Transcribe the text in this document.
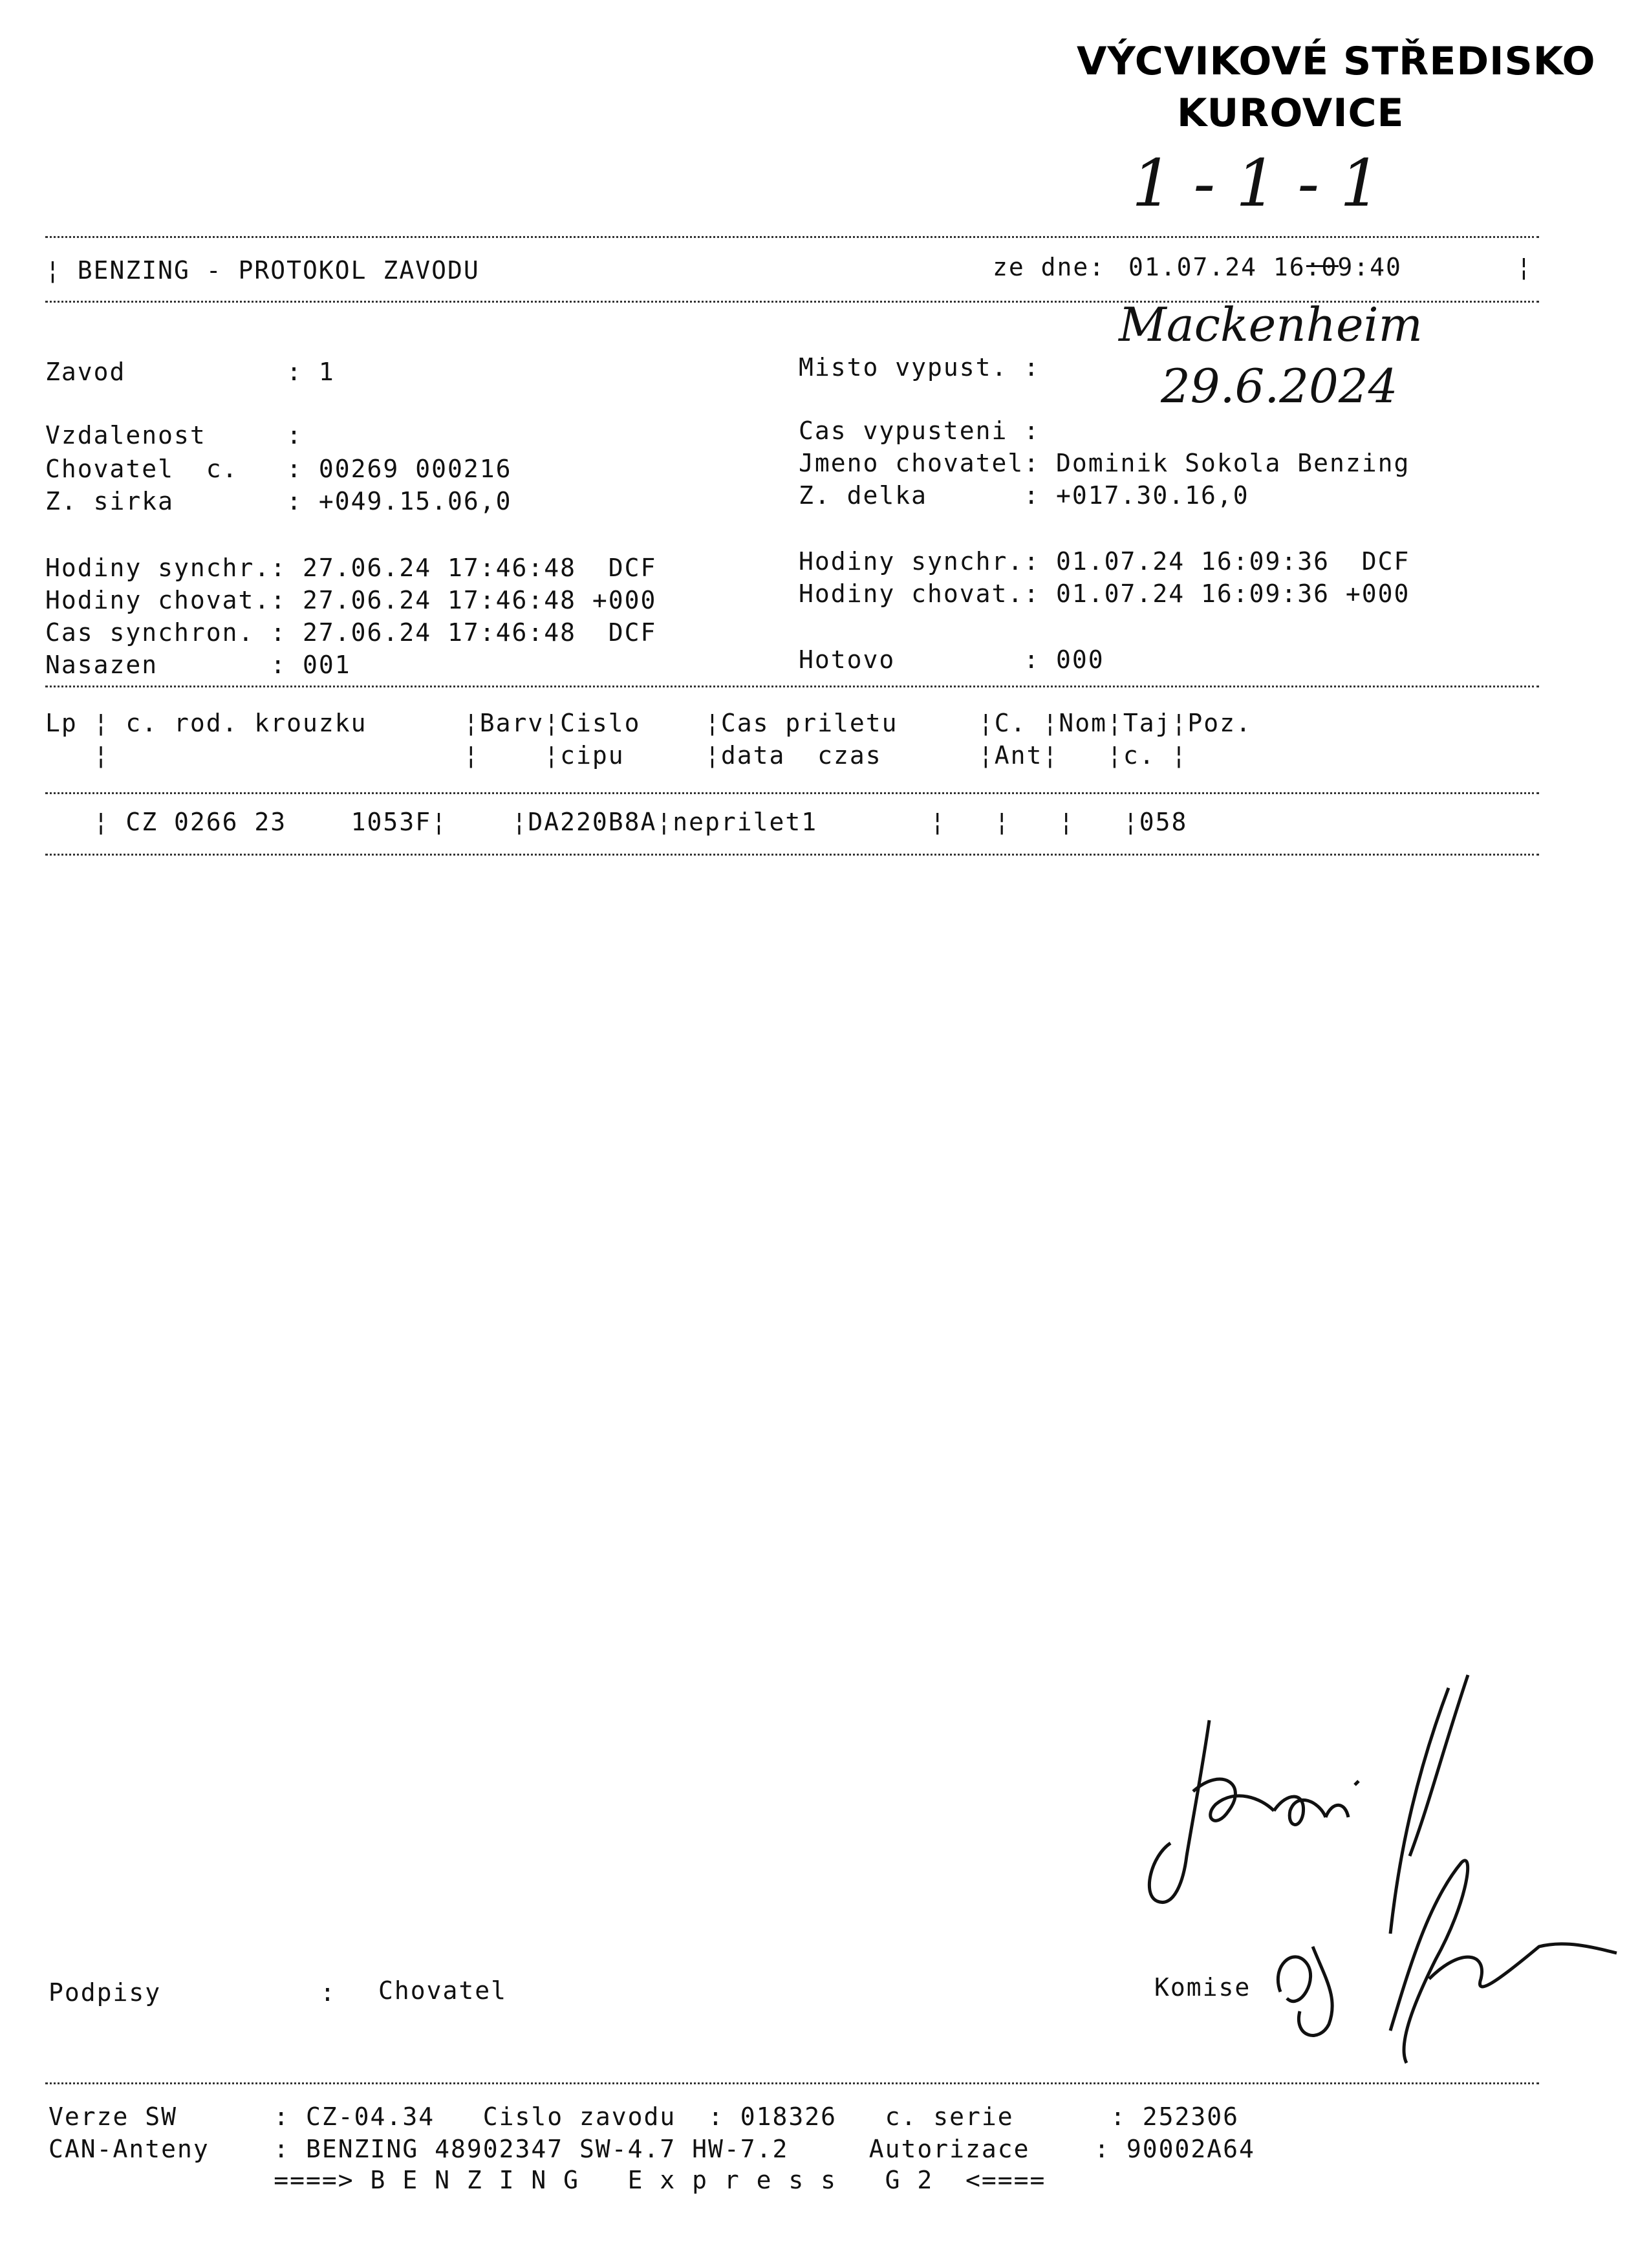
VÝCVIKOVÉ STŘEDISKO
KUROVICE
1 - 1 - 1
¦ BENZING - PROTOKOL ZAVODU	ze dne: 01.07.24 16:09:40	¦
Mackenheim
29.6.2024
Zavod          : 1
Vzdalenost     :
Chovatel  c.   : 00269 000216
Z. sirka       : +049.15.06,0
Hodiny synchr.: 27.06.24 17:46:48  DCF
Hodiny chovat.: 27.06.24 17:46:48 +000
Cas synchron. : 27.06.24 17:46:48  DCF
Nasazen       : 001
Misto vypust. :
Cas vypusteni :
Jmeno chovatel: Dominik Sokola Benzing
Z. delka      : +017.30.16,0
Hodiny synchr.: 01.07.24 16:09:36  DCF
Hodiny chovat.: 01.07.24 16:09:36 +000
Hotovo        : 000
Lp ¦ c. rod. krouzku      ¦Barv¦Cislo    ¦Cas priletu     ¦C. ¦Nom¦Taj¦Poz.
¦                      ¦    ¦cipu     ¦data  czas      ¦Ant¦   ¦c. ¦
¦ CZ 0266 23    1053F¦    ¦DA220B8A¦neprilet1       ¦   ¦   ¦   ¦058
Podpisy	: Chovatel	Komise
Verze SW      : CZ-04.34   Cislo zavodu  : 018326   c. serie      : 252306
CAN-Anteny    : BENZING 48902347 SW-4.7 HW-7.2     Autorizace    : 90002A64
====> B E N Z I N G   E x p r e s s   G 2  <====
